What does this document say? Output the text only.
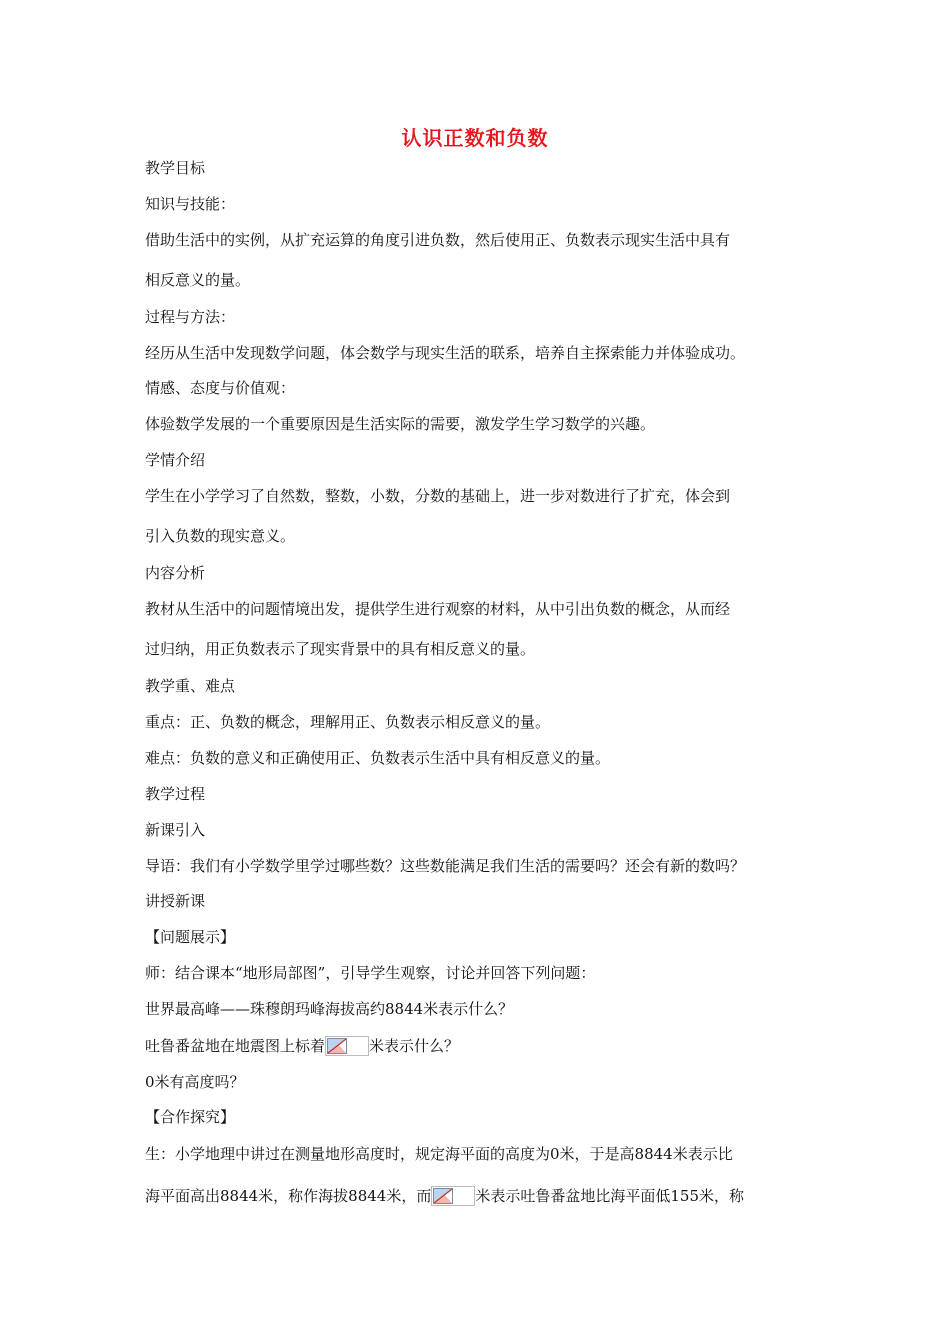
认识正数和负数
教学目标
知识与技能：
借助生活中的实例，从扩充运算的角度引进负数，然后使用正、负数表示现实生活中具有
相反意义的量。
过程与方法：
经历从生活中发现数学问题，体会数学与现实生活的联系，培养自主探索能力并体验成功。
情感、态度与价值观：
体验数学发展的一个重要原因是生活实际的需要，激发学生学习数学的兴趣。
学情介绍
学生在小学学习了自然数，整数，小数，分数的基础上，进一步对数进行了扩充，体会到
引入负数的现实意义。
内容分析
教材从生活中的问题情境出发，提供学生进行观察的材料，从中引出负数的概念，从而经
过归纳，用正负数表示了现实背景中的具有相反意义的量。
教学重、难点
重点：正、负数的概念，理解用正、负数表示相反意义的量。
难点：负数的意义和正确使用正、负数表示生活中具有相反意义的量。
教学过程
新课引入
导语：我们有小学数学里学过哪些数？这些数能满足我们生活的需要吗？还会有新的数吗？
讲授新课
【问题展示】
师：结合课本“地形局部图”，引导学生观察，讨论并回答下列问题：
世界最高峰——珠穆朗玛峰海拔高约8844米表示什么？
吐鲁番盆地在地震图上标着	米表示什么？
0米有高度吗？
【合作探究】
生：小学地理中讲过在测量地形高度时，规定海平面的高度为0米，于是高8844米表示比
海平面高出8844米，称作海拔8844米，而	米表示吐鲁番盆地比海平面低155米，称
